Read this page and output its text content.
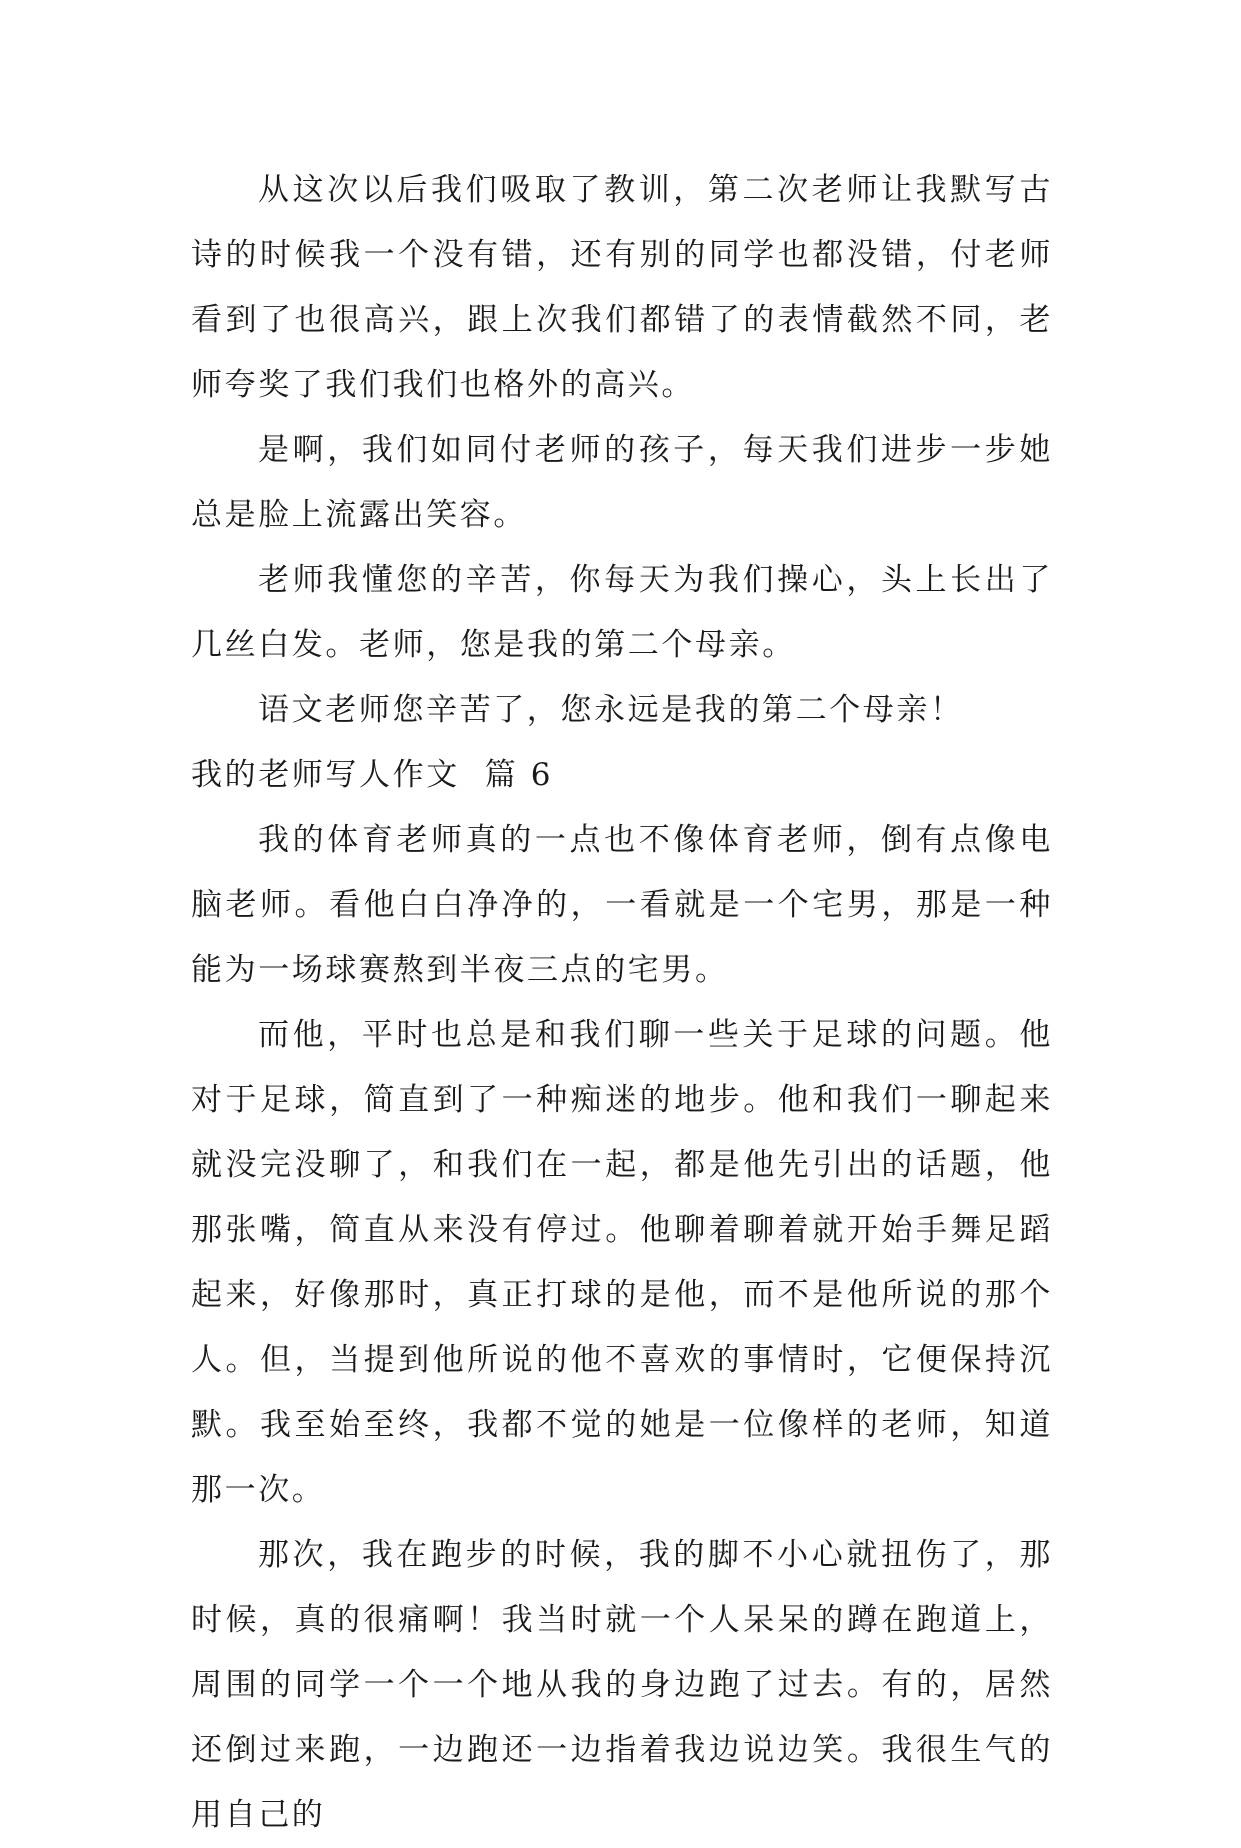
从这次以后我们吸取了教训，第二次老师让我默写古诗的时候我一个没有错，还有别的同学也都没错，付老师看到了也很高兴，跟上次我们都错了的表情截然不同，老师夸奖了我们我们也格外的高兴。

是啊，我们如同付老师的孩子，每天我们进步一步她总是脸上流露出笑容。

老师我懂您的辛苦，你每天为我们操心，头上长出了几丝白发。老师，您是我的第二个母亲。

语文老师您辛苦了，您永远是我的第二个母亲！

我的老师写人作文  篇 6

我的体育老师真的一点也不像体育老师，倒有点像电脑老师。看他白白净净的，一看就是一个宅男，那是一种能为一场球赛熬到半夜三点的宅男。

而他，平时也总是和我们聊一些关于足球的问题。他对于足球，简直到了一种痴迷的地步。他和我们一聊起来就没完没聊了，和我们在一起，都是他先引出的话题，他那张嘴，简直从来没有停过。他聊着聊着就开始手舞足蹈起来，好像那时，真正打球的是他，而不是他所说的那个人。但，当提到他所说的他不喜欢的事情时，它便保持沉默。我至始至终，我都不觉的她是一位像样的老师，知道那一次。

那次，我在跑步的时候，我的脚不小心就扭伤了，那时候，真的很痛啊！我当时就一个人呆呆的蹲在跑道上，周围的同学一个一个地从我的身边跑了过去。有的，居然还倒过来跑，一边跑还一边指着我边说边笑。我很生气的用自己的
